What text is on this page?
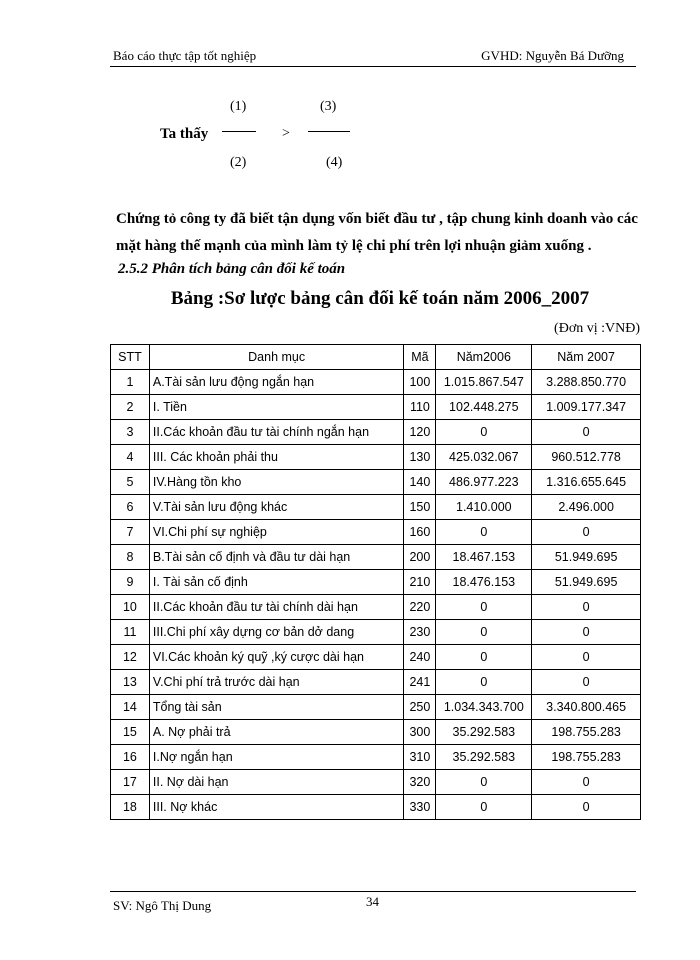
Báo cáo thực tập tốt nghiệp	GVHD: Nguyễn Bá Dưỡng
(1)
(2)
(3)
(4)
Ta thấy	>
Chứng tỏ công ty đã biết tận dụng vốn biết đầu tư , tập chung kinh doanh vào các mặt hàng thế mạnh của mình làm tỷ lệ chi phí trên lợi nhuận giảm xuống .
2.5.2 Phân tích bảng cân đối kế toán
Bảng :Sơ lược bảng cân đối kế toán năm 2006_2007
(Đơn vị :VNĐ)
STT	Danh mục	Mã	Năm2006	Năm 2007
1	A.Tài sản lưu động ngắn hạn	100	1.015.867.547	3.288.850.770
2	I. Tiền	110	102.448.275	1.009.177.347
3	II.Các khoản đầu tư tài chính ngắn hạn	120	0	0
4	III. Các khoản phải thu	130	425.032.067	960.512.778
5	IV.Hàng tồn kho	140	486.977.223	1.316.655.645
6	V.Tài sản lưu động khác	150	1.410.000	2.496.000
7	VI.Chi phí sự nghiệp	160	0	0
8	B.Tài sản cố định và đầu tư dài hạn	200	18.467.153	51.949.695
9	I. Tài sản cố định	210	18.476.153	51.949.695
10	II.Các khoản đầu tư tài chính dài hạn	220	0	0
11	III.Chi phí xây dựng cơ bản dở dang	230	0	0
12	VI.Các khoản ký quỹ ,ký cược dài hạn	240	0	0
13	V.Chi phí trả trước dài hạn	241	0	0
14	Tổng tài sản	250	1.034.343.700	3.340.800.465
15	A. Nợ phải trả	300	35.292.583	198.755.283
16	I.Nợ ngắn hạn	310	35.292.583	198.755.283
17	II. Nợ dài hạn	320	0	0
18	III. Nợ khác	330	0	0
SV: Ngô Thị Dung	34
